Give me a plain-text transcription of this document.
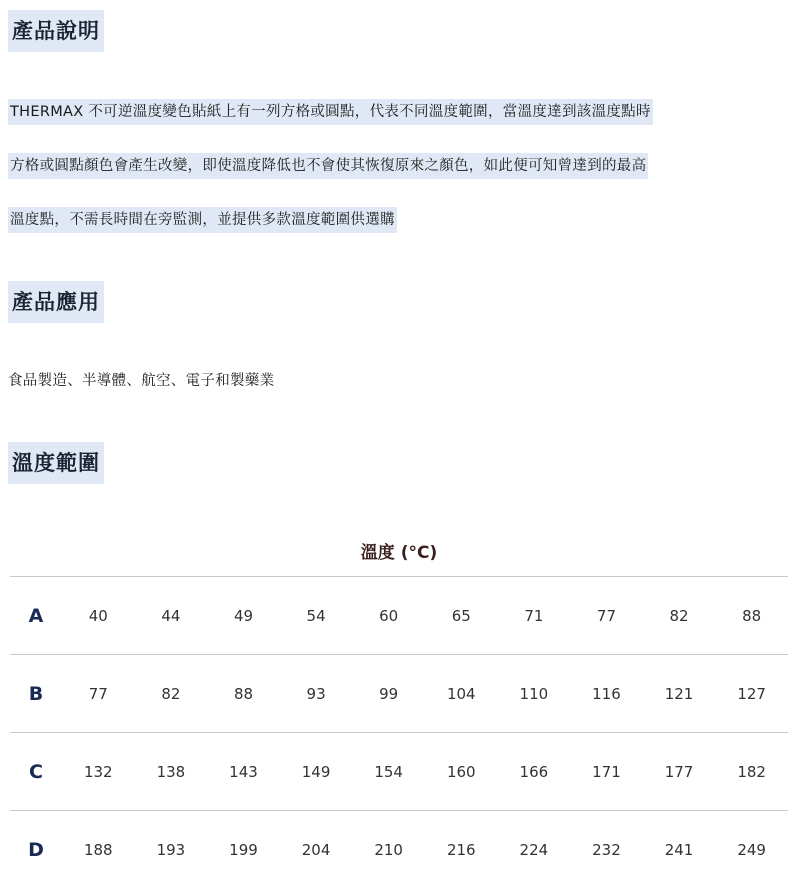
產品說明
THERMAX 不可逆溫度變色貼紙上有一列方格或圓點，代表不同溫度範圍，當溫度達到該溫度點時
方格或圓點顏色會產生改變，即使溫度降低也不會使其恢復原來之顏色，如此便可知曾達到的最高
溫度點，不需長時間在旁監測，並提供多款溫度範圍供選購
產品應用
食品製造、半導體、航空、電子和製藥業
溫度範圍
溫度 (°C)
A	40	44	49	54	60	65	71	77	82	88
B	77	82	88	93	99	104	110	116	121	127
C	132	138	143	149	154	160	166	171	177	182
D	188	193	199	204	210	216	224	232	241	249
